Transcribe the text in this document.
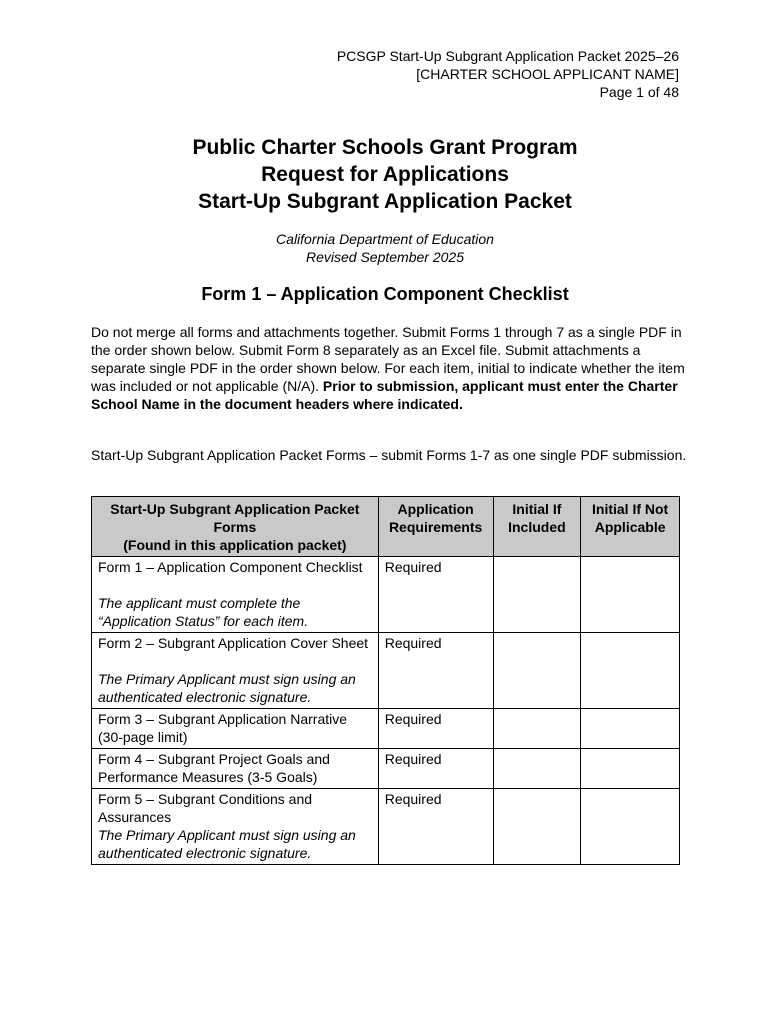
PCSGP Start-Up Subgrant Application Packet 2025–26
[CHARTER SCHOOL APPLICANT NAME]
Page 1 of 48
Public Charter Schools Grant Program
Request for Applications
Start-Up Subgrant Application Packet
California Department of Education
Revised September 2025
Form 1 – Application Component Checklist
Do not merge all forms and attachments together. Submit Forms 1 through 7 as a single PDF in the order shown below. Submit Form 8 separately as an Excel file. Submit attachments a separate single PDF in the order shown below. For each item, initial to indicate whether the item was included or not applicable (N/A). Prior to submission, applicant must enter the Charter School Name in the document headers where indicated.
Start-Up Subgrant Application Packet Forms – submit Forms 1-7 as one single PDF submission.
Start-Up Subgrant Application Packet Forms
(Found in this application packet)	Application Requirements	Initial If Included	Initial If Not Applicable
Form 1 – Application Component Checklist
The applicant must complete the “Application Status” for each item.	Required		
Form 2 – Subgrant Application Cover Sheet
The Primary Applicant must sign using an authenticated electronic signature.	Required		
Form 3 – Subgrant Application Narrative (30-page limit)	Required		
Form 4 – Subgrant Project Goals and Performance Measures (3-5 Goals)	Required		
Form 5 – Subgrant Conditions and Assurances
The Primary Applicant must sign using an authenticated electronic signature.	Required		
